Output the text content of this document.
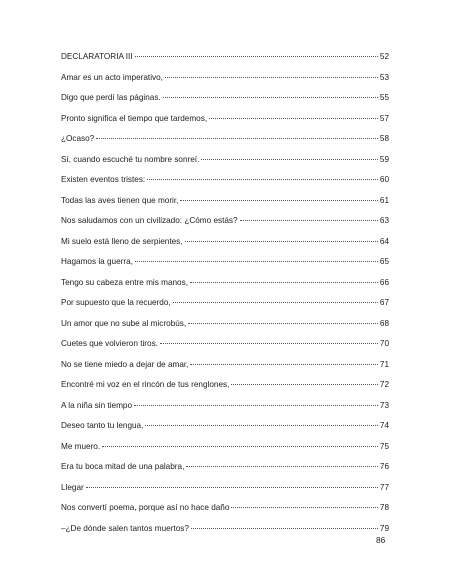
DECLARATORIA III	52
Amar es un acto imperativo,	53
Digo que perdí las páginas.	55
Pronto significa el tiempo que tardemos,	57
¿Ocaso?	58
Sí, cuando escuché tu nombre sonreí.	59
Existen eventos tristes:	60
Todas las aves tienen que morir,	61
Nos saludamos con un civilizado: ¿Cómo estás?	63
Mi suelo está lleno de serpientes,	64
Hagamos la guerra,	65
Tengo su cabeza entre mis manos,	66
Por supuesto que la recuerdo,	67
Un amor que no sube al microbús,	68
Cuetes que volvieron tiros.	70
No se tiene miedo a dejar de amar,	71
Encontré mi voz en el rincón de tus renglones,	72
A la niña sin tiempo	73
Deseo tanto tu lengua,	74
Me muero.	75
Era tu boca mitad de una palabra,	76
Llegar	77
Nos convertí poema, porque así no hace daño	78
–¿De dónde salen tantos muertos?	79
86
